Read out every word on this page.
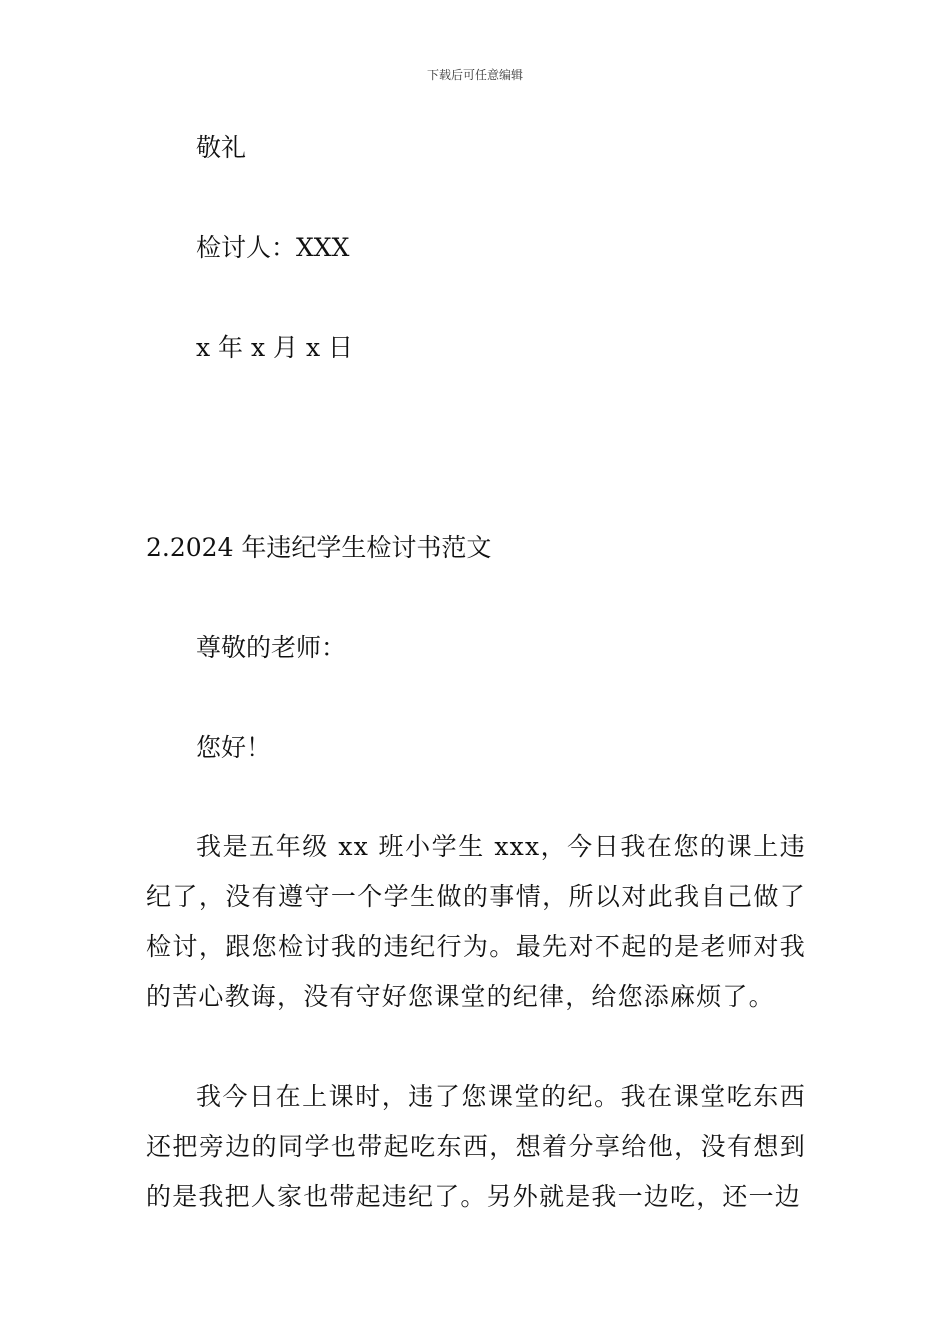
下载后可任意编辑
敬礼
检讨人：XXX
x 年 x 月 x 日
2.2024 年违纪学生检讨书范文
尊敬的老师：
您好！
我是五年级 xx 班小学生 xxx，今日我在您的课上违纪了，没有遵守一个学生做的事情，所以对此我自己做了检讨，跟您检讨我的违纪行为。最先对不起的是老师对我的苦心教诲，没有守好您课堂的纪律，给您添麻烦了。
我今日在上课时，违了您课堂的纪。我在课堂吃东西还把旁边的同学也带起吃东西，想着分享给他，没有想到的是我把人家也带起违纪了。另外就是我一边吃，还一边
